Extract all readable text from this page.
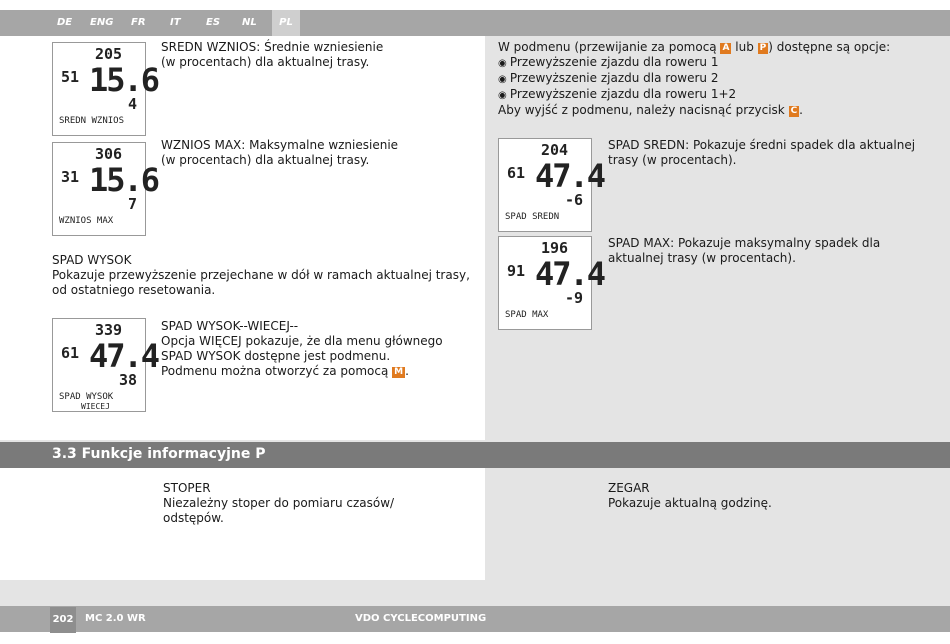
DE ENG FR IT	ES NL	PL
205
51 15.6
4
SREDN WZNIOS
306
31 15.6
7
WZNIOS MAX
339
61 47.4
38
SPAD WYSOK
WIECEJ
204
61 47.4
-6
SPAD SREDN
196
91 47.4
-9
SPAD MAX
SREDN WZNIOS: Średnie wzniesienie
(w procentach) dla aktualnej trasy.
WZNIOS MAX: Maksymalne wzniesienie
(w procentach) dla aktualnej trasy.
SPAD WYSOK
Pokazuje przewyższenie przejechane w dół w ramach aktualnej trasy,
od ostatniego resetowania.
SPAD WYSOK--WIECEJ--
Opcja WIĘCEJ pokazuje, że dla menu głównego
SPAD WYSOK dostępne jest podmenu.
Podmenu można otworzyć za pomocą M .
W podmenu (przewijanie za pomocą A lub P ) dostępne są opcje:
◉ Przewyższenie zjazdu dla roweru 1
◉ Przewyższenie zjazdu dla roweru 2
◉ Przewyższenie zjazdu dla roweru 1+2
Aby wyjść z podmenu, należy nacisnąć przycisk C .
SPAD SREDN: Pokazuje średni spadek dla aktualnej
trasy (w procentach).
SPAD MAX: Pokazuje maksymalny spadek dla
aktualnej trasy (w procentach).
3.3 Funkcje informacyjne P
STOPER
Niezależny stoper do pomiaru czasów/
odstępów.
ZEGAR
Pokazuje aktualną godzinę.
202 MC 2.0 WR	VDO CYCLECOMPUTING
